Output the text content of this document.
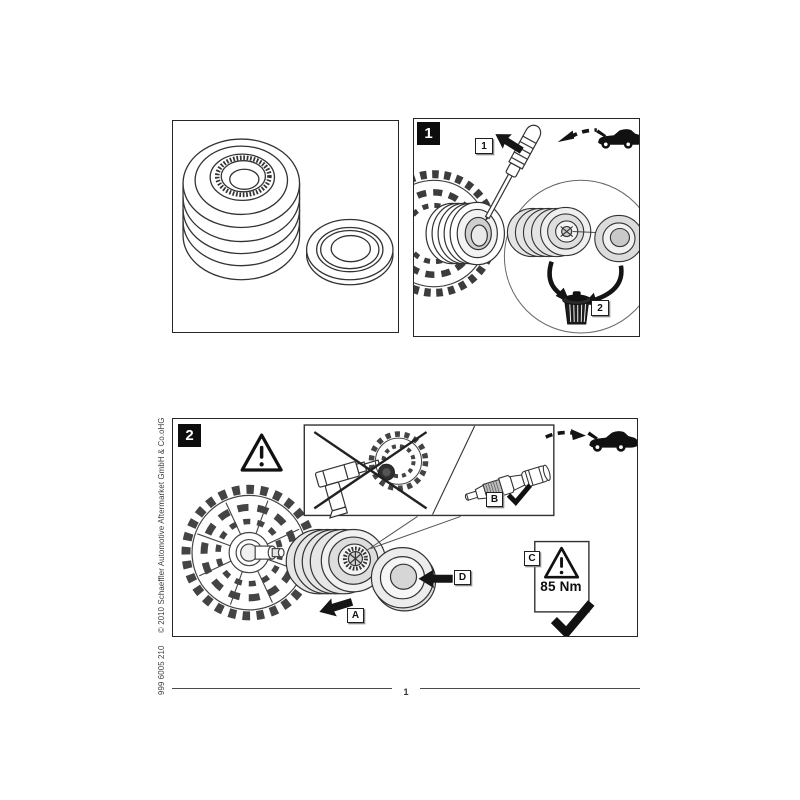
1
1
2
2
B
A
D
C
85 Nm
© 2010 Schaeffler Automotive Aftermarket GmbH & Co.oHG
999 6005 210	1
